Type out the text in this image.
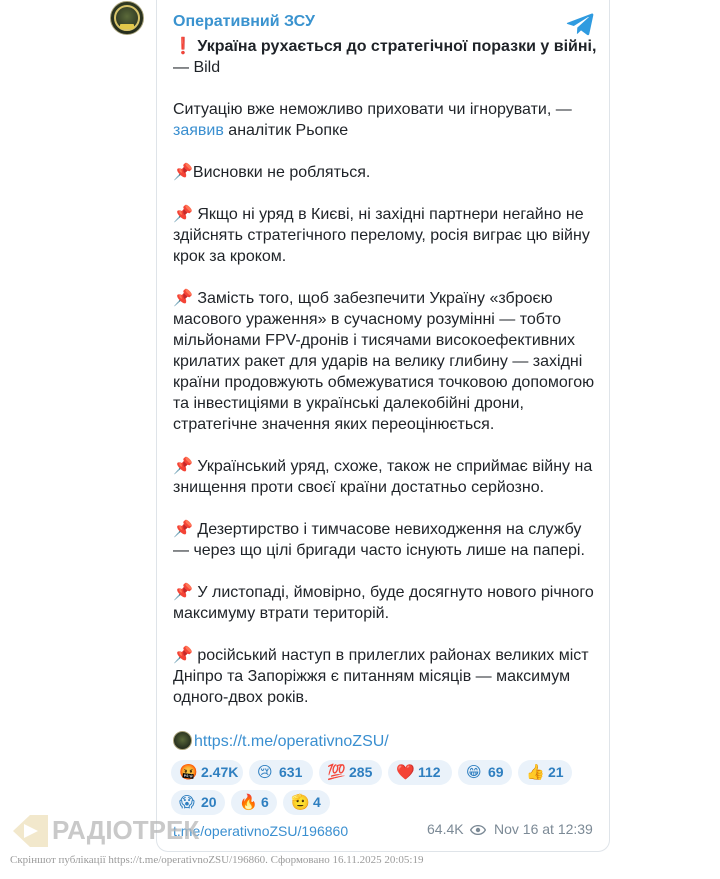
Оперативний ЗСУ

❗ Україна рухається до стратегічної поразки у війні, — Bild

Ситуацію вже неможливо приховати чи ігнорувати, — заявив аналітик Рьопке

📌Висновки не робляться.

📌 Якщо ні уряд в Києві, ні західні партнери негайно не здійснять стратегічного перелому, росія виграє цю війну крок за кроком.

📌 Замість того, щоб забезпечити Україну «зброєю масового ураження» в сучасному розумінні — тобто мільйонами FPV-дронів і тисячами високоефективних крилатих ракет для ударів на велику глибину — західні країни продовжують обмежуватися точковою допомогою та інвестиціями в українські далекобійні дрони, стратегічне значення яких переоцінюється.

📌 Український уряд, схоже, також не сприймає війну на знищення проти своєї країни достатньо серйозно.

📌 Дезертирство і тимчасове невиходження на службу — через що цілі бригади часто існують лише на папері.

📌 У листопаді, ймовірно, буде досягнуто нового річного максимуму втрати територій.

📌 російський наступ в прилеглих районах великих міст Дніпро та Запоріжжя є питанням місяців — максимум одного-двох років.

https://t.me/operativnoZSU/
🤬 2.47K	😢 631	💯 285	❤️ 112	😁 69	👍 21
😱 20	🔥 6	🫡 4
t.me/operativnoZSU/196860	64.4K	Nov 16 at 12:39
РАДІОТРЕК
Скріншот публікації https://t.me/operativnoZSU/196860. Сформовано 16.11.2025 20:05:19
